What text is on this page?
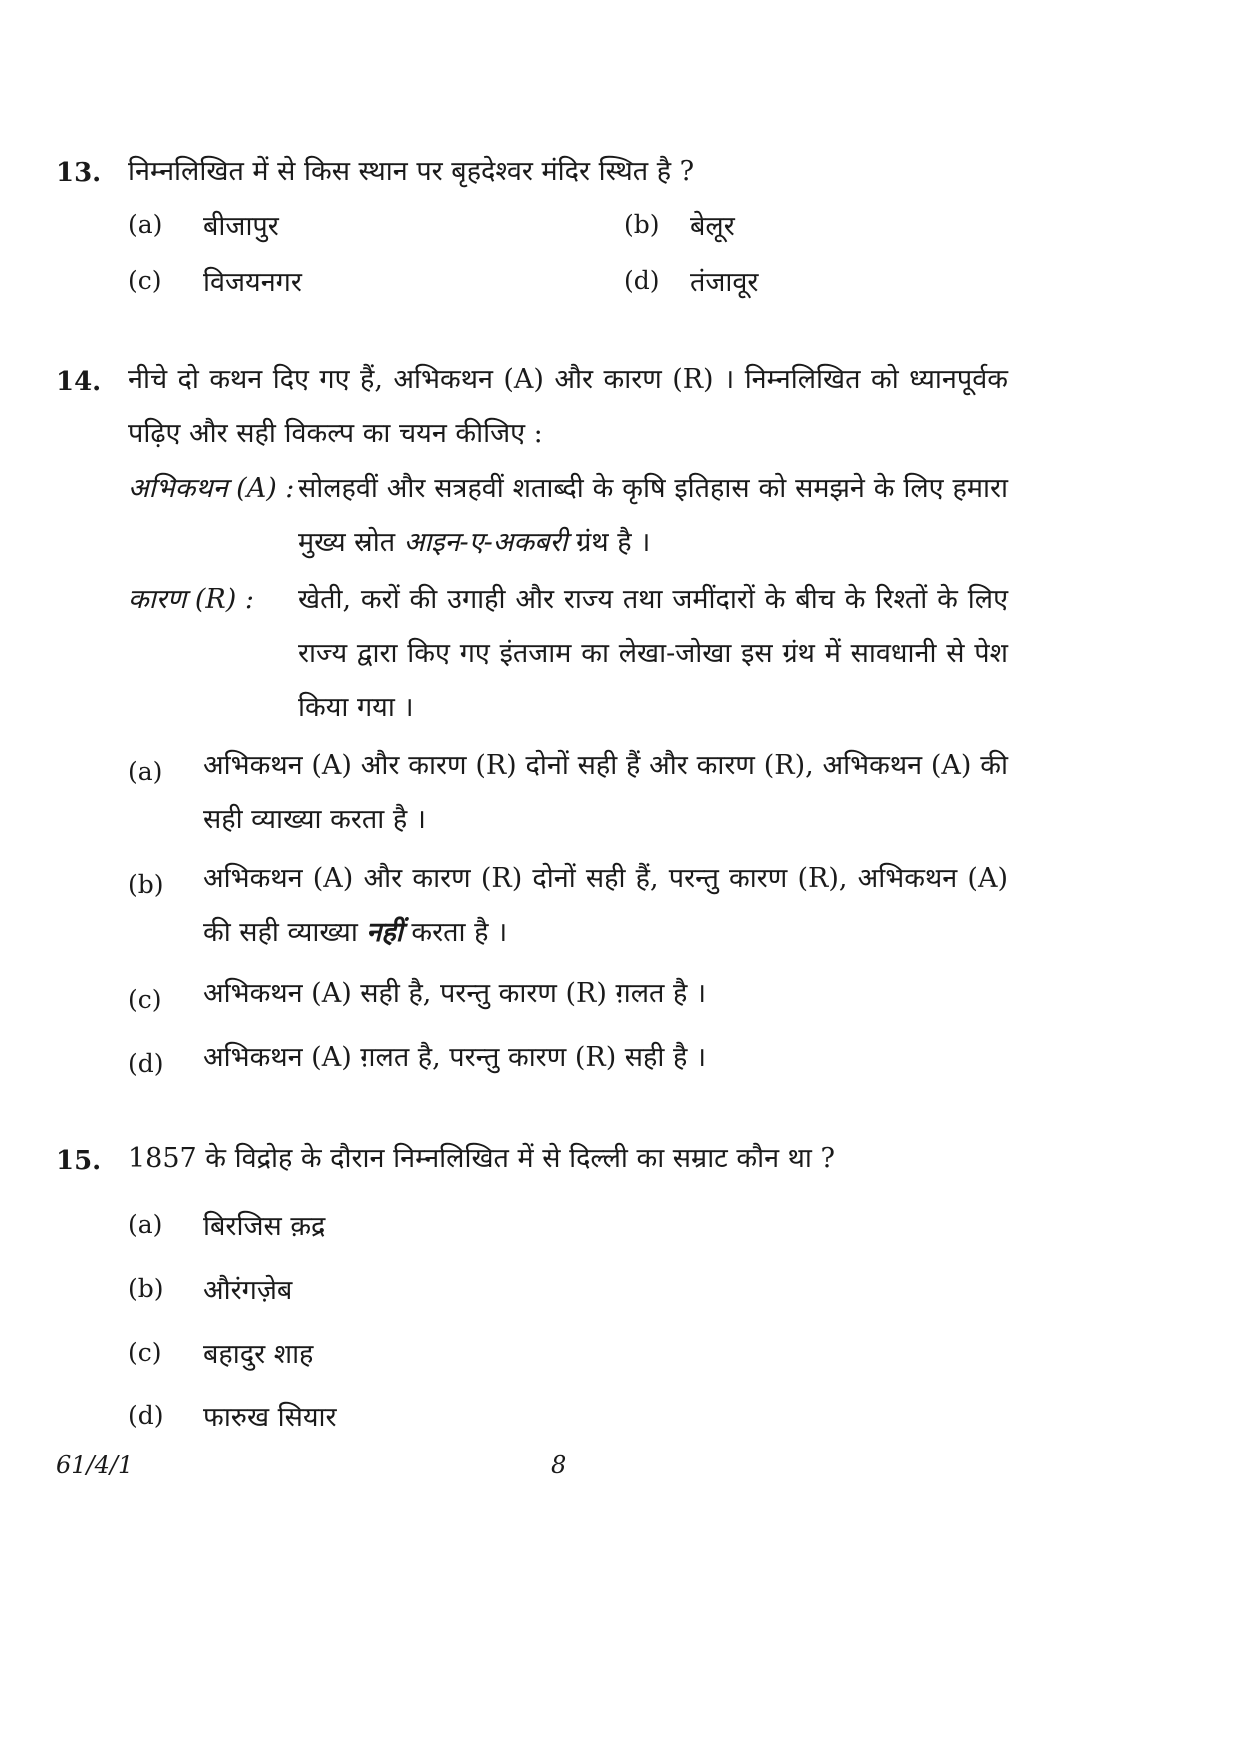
13. निम्नलिखित में से किस स्थान पर बृहदेश्वर मंदिर स्थित है ?
(a) बीजापुर	(b) बेलूर
(c) विजयनगर	(d) तंजावूर
14. नीचे दो कथन दिए गए हैं, अभिकथन (A) और कारण (R) । निम्नलिखित को ध्यानपूर्वक पढ़िए और सही विकल्प का चयन कीजिए :
अभिकथन (A) : सोलहवीं और सत्रहवीं शताब्दी के कृषि इतिहास को समझने के लिए हमारा मुख्य स्रोत आइन-ए-अकबरी ग्रंथ है ।
कारण (R) : खेती, करों की उगाही और राज्य तथा जमींदारों के बीच के रिश्तों के लिए राज्य द्वारा किए गए इंतजाम का लेखा-जोखा इस ग्रंथ में सावधानी से पेश किया गया ।
(a) अभिकथन (A) और कारण (R) दोनों सही हैं और कारण (R), अभिकथन (A) की सही व्याख्या करता है ।
(b) अभिकथन (A) और कारण (R) दोनों सही हैं, परन्तु कारण (R), अभिकथन (A) की सही व्याख्या नहीं करता है ।
(c) अभिकथन (A) सही है, परन्तु कारण (R) ग़लत है ।
(d) अभिकथन (A) ग़लत है, परन्तु कारण (R) सही है ।
15. 1857 के विद्रोह के दौरान निम्नलिखित में से दिल्ली का सम्राट कौन था ?
(a) बिरजिस क़द्र
(b) औरंगज़ेब
(c) बहादुर शाह
(d) फारुख सियार
61/4/1	8
